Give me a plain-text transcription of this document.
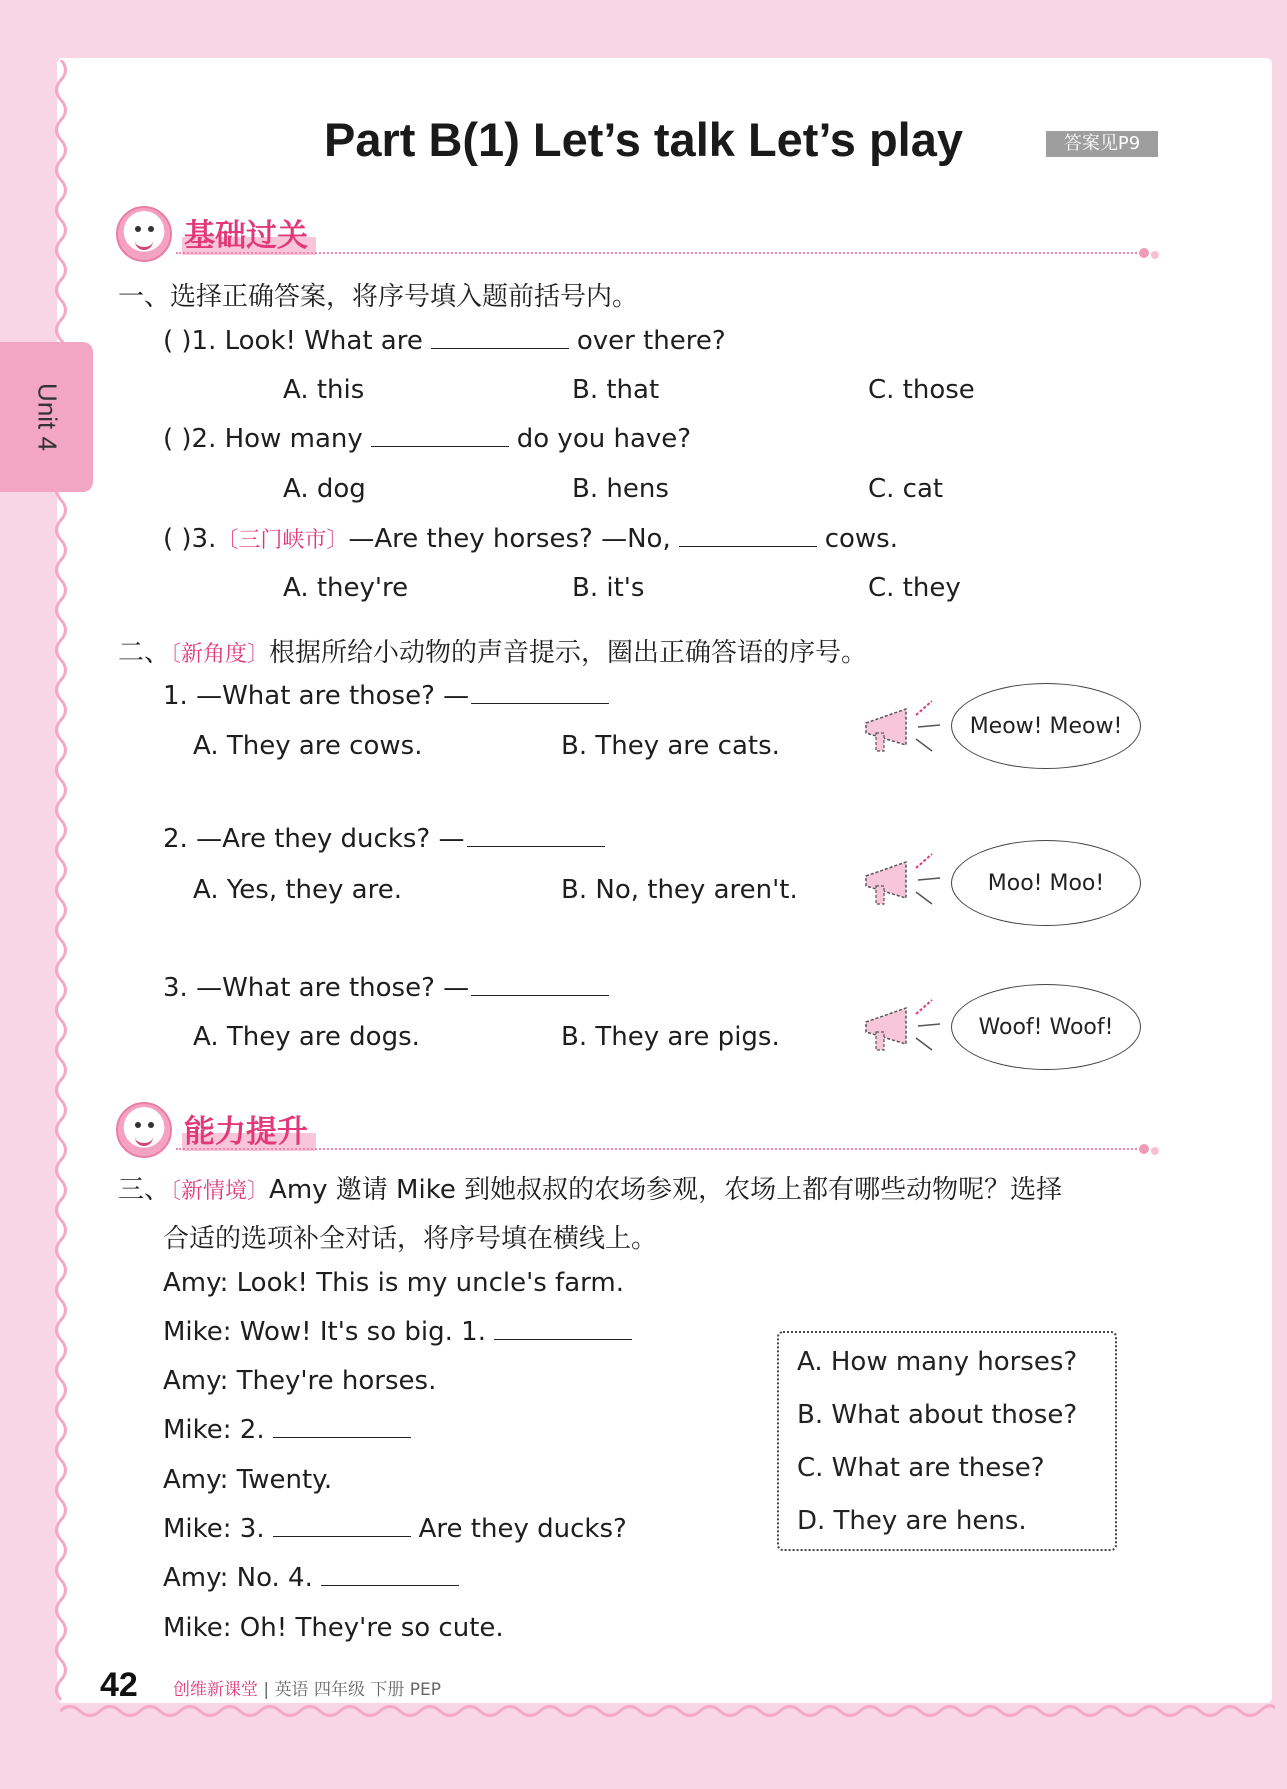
Unit 4
Part B(1) Let’s talk Let’s play	答案见P9
基础过关
一、选择正确答案，将序号填入题前括号内。
( )1. Look! What are	over there?
A. this	B. that	C. those
( )2. How many	do you have?
A. dog	B. hens	C. cat
( )3.〔三门峡市〕—Are they horses? —No,	cows.
A. they're	B. it's	C. they
二、〔新角度〕根据所给小动物的声音提示，圈出正确答语的序号。
1. —What are those? —
A. They are cows.	B. They are cats.
2. —Are they ducks? —
A. Yes, they are.	B. No, they aren't.
3. —What are those? —
A. They are dogs.	B. They are pigs.
Meow! Meow!
Moo! Moo!
Woof! Woof!
能力提升
三、〔新情境〕Amy 邀请 Mike 到她叔叔的农场参观，农场上都有哪些动物呢？选择
合适的选项补全对话，将序号填在横线上。
Amy: Look! This is my uncle's farm.
Mike: Wow! It's so big. 1.
Amy: They're horses.
Mike: 2.
Amy: Twenty.
Mike: 3.	Are they ducks?
Amy: No. 4.
Mike: Oh! They're so cute.
A. How many horses?
B. What about those?
C. What are these?
D. They are hens.
42 创维新课堂 | 英语 四年级 下册 PEP
